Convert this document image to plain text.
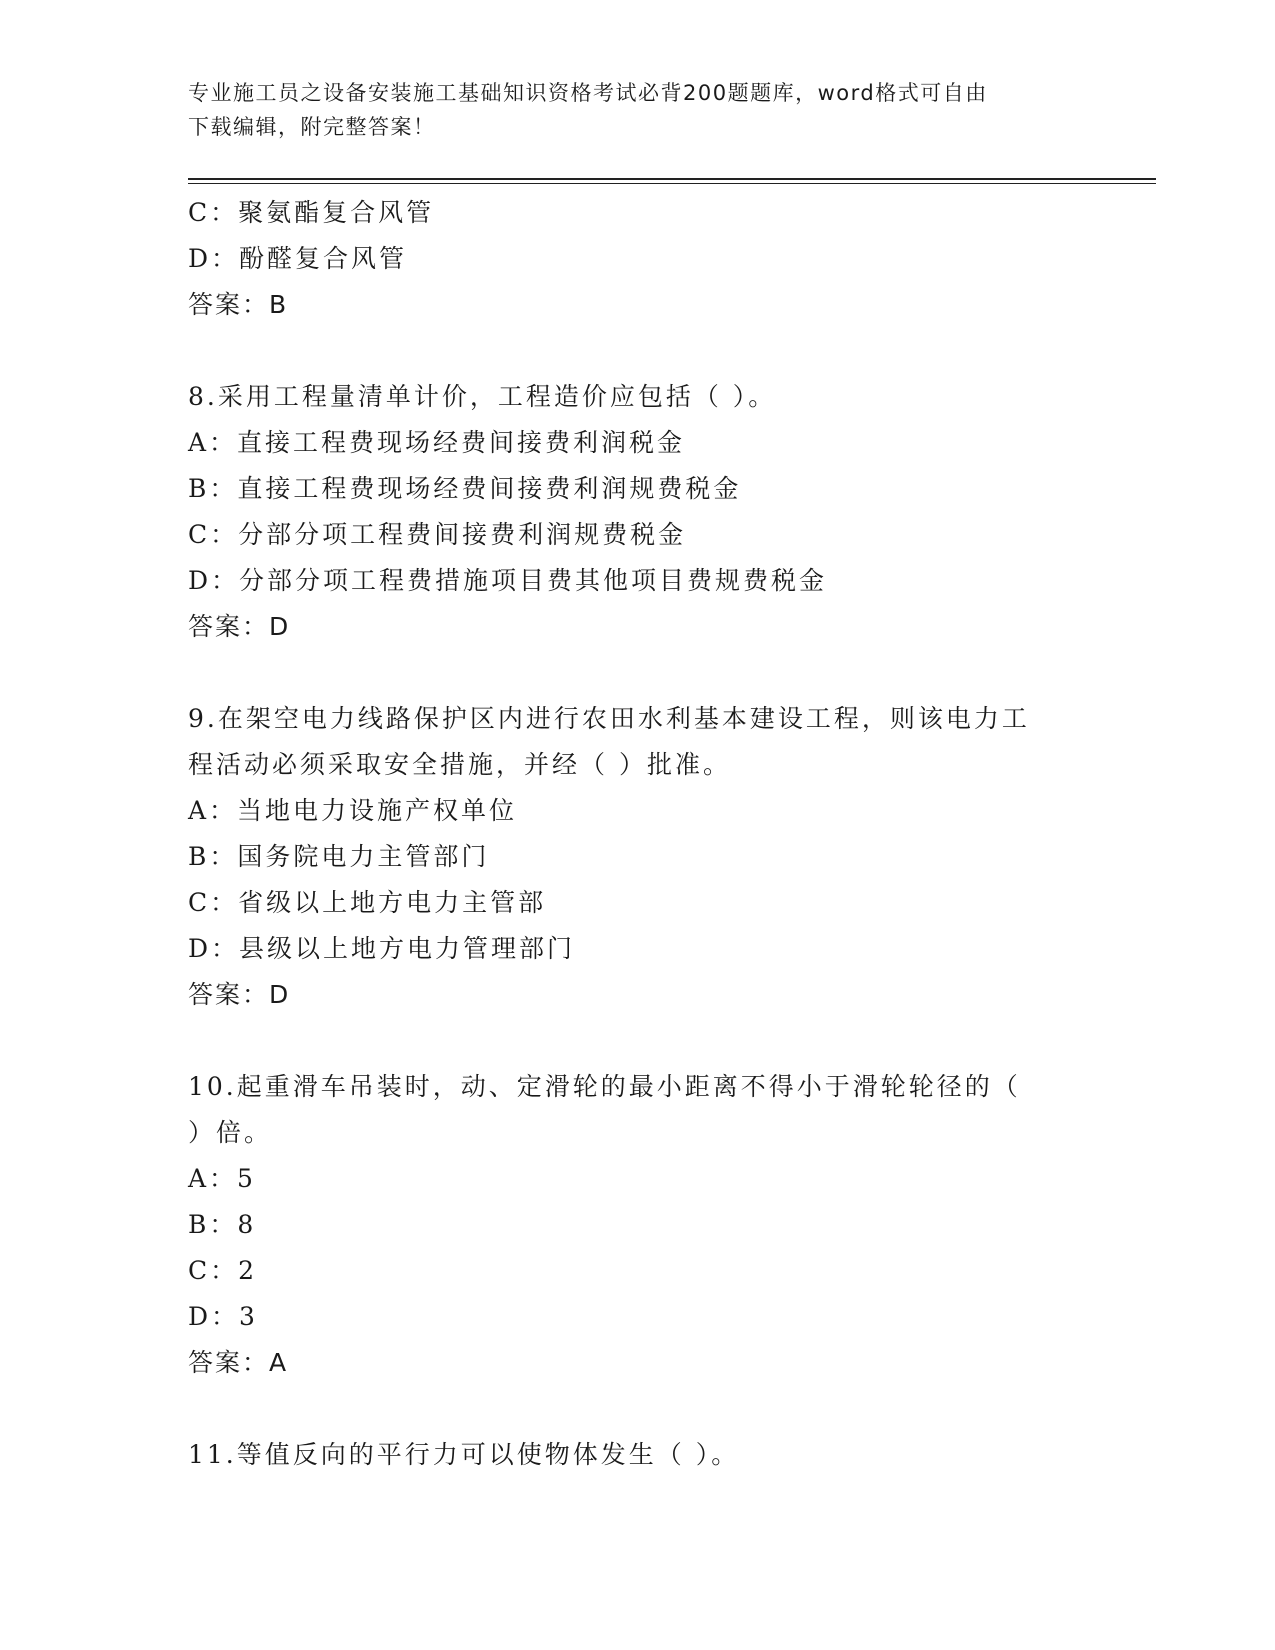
专业施工员之设备安装施工基础知识资格考试必背200题题库，word格式可自由
下载编辑，附完整答案！
C：聚氨酯复合风管
D：酚醛复合风管
答案：B
8.采用工程量清单计价，工程造价应包括（ ）。
A：直接工程费现场经费间接费利润税金
B：直接工程费现场经费间接费利润规费税金
C：分部分项工程费间接费利润规费税金
D：分部分项工程费措施项目费其他项目费规费税金
答案：D
9.在架空电力线路保护区内进行农田水利基本建设工程，则该电力工
程活动必须采取安全措施，并经（ ）批准。
A：当地电力设施产权单位
B：国务院电力主管部门
C：省级以上地方电力主管部
D：县级以上地方电力管理部门
答案：D
10.起重滑车吊装时，动、定滑轮的最小距离不得小于滑轮轮径的（
）倍。
A：5
B：8
C：2
D：3
答案：A
11.等值反向的平行力可以使物体发生（ ）。
